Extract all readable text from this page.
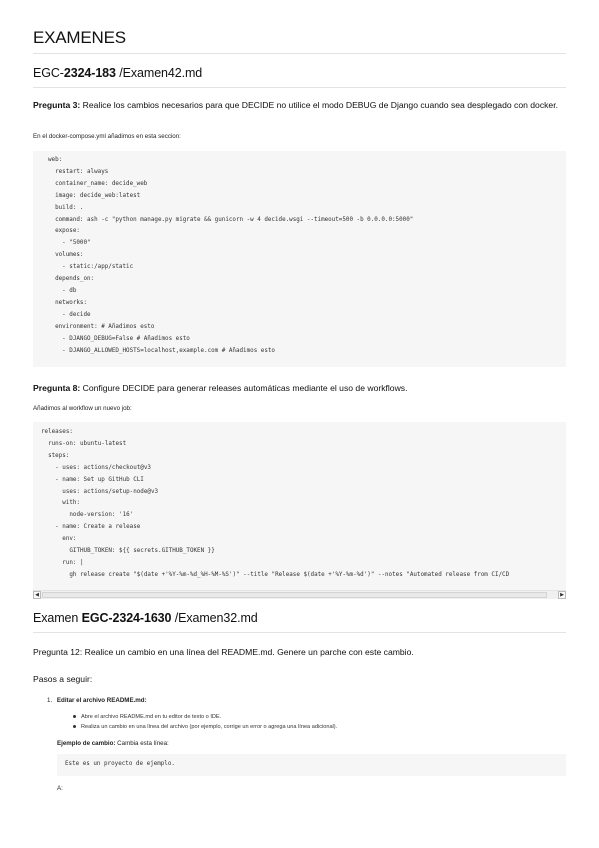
EXAMENES
EGC-2324-183 /Examen42.md
Pregunta 3: Realice los cambios necesarios para que DECIDE no utilice el modo DEBUG de Django cuando sea desplegado con docker.
En el docker-compose.yml añadimos en esta seccion:
web:
restart: always
container_name: decide_web
image: decide_web:latest
build: .
command: ash -c "python manage.py migrate && gunicorn -w 4 decide.wsgi --timeout=500 -b 0.0.0.0:5000"
expose:
- "5000"
volumes:
- static:/app/static
depends_on:
- db
networks:
- decide
environment: # Añadimos esto
- DJANGO_DEBUG=False # Añadimos esto
- DJANGO_ALLOWED_HOSTS=localhost,example.com # Añadimos esto
Pregunta 8: Configure DECIDE para generar releases automáticas mediante el uso de workflows.
Añadimos al workflow un nuevo job:
releases:
runs-on: ubuntu-latest
steps:
- uses: actions/checkout@v3
- name: Set up GitHub CLI
uses: actions/setup-node@v3
with:
node-version: '16'
- name: Create a release
env:
GITHUB_TOKEN: ${{ secrets.GITHUB_TOKEN }}
run: |
gh release create "$(date +'%Y-%m-%d_%H-%M-%S')" --title "Release $(date +'%Y-%m-%d')" --notes "Automated release from CI/CD
◀	▶
Examen EGC-2324-1630 /Examen32.md
Pregunta 12: Realice un cambio en una línea del README.md. Genere un parche con este cambio.
Pasos a seguir:
1. Editar el archivo README.md:
Abre el archivo README.md en tu editor de texto o IDE.
Realiza un cambio en una línea del archivo (por ejemplo, corrige un error o agrega una línea adicional).
Ejemplo de cambio: Cambia esta línea:
Este es un proyecto de ejemplo.
A:
